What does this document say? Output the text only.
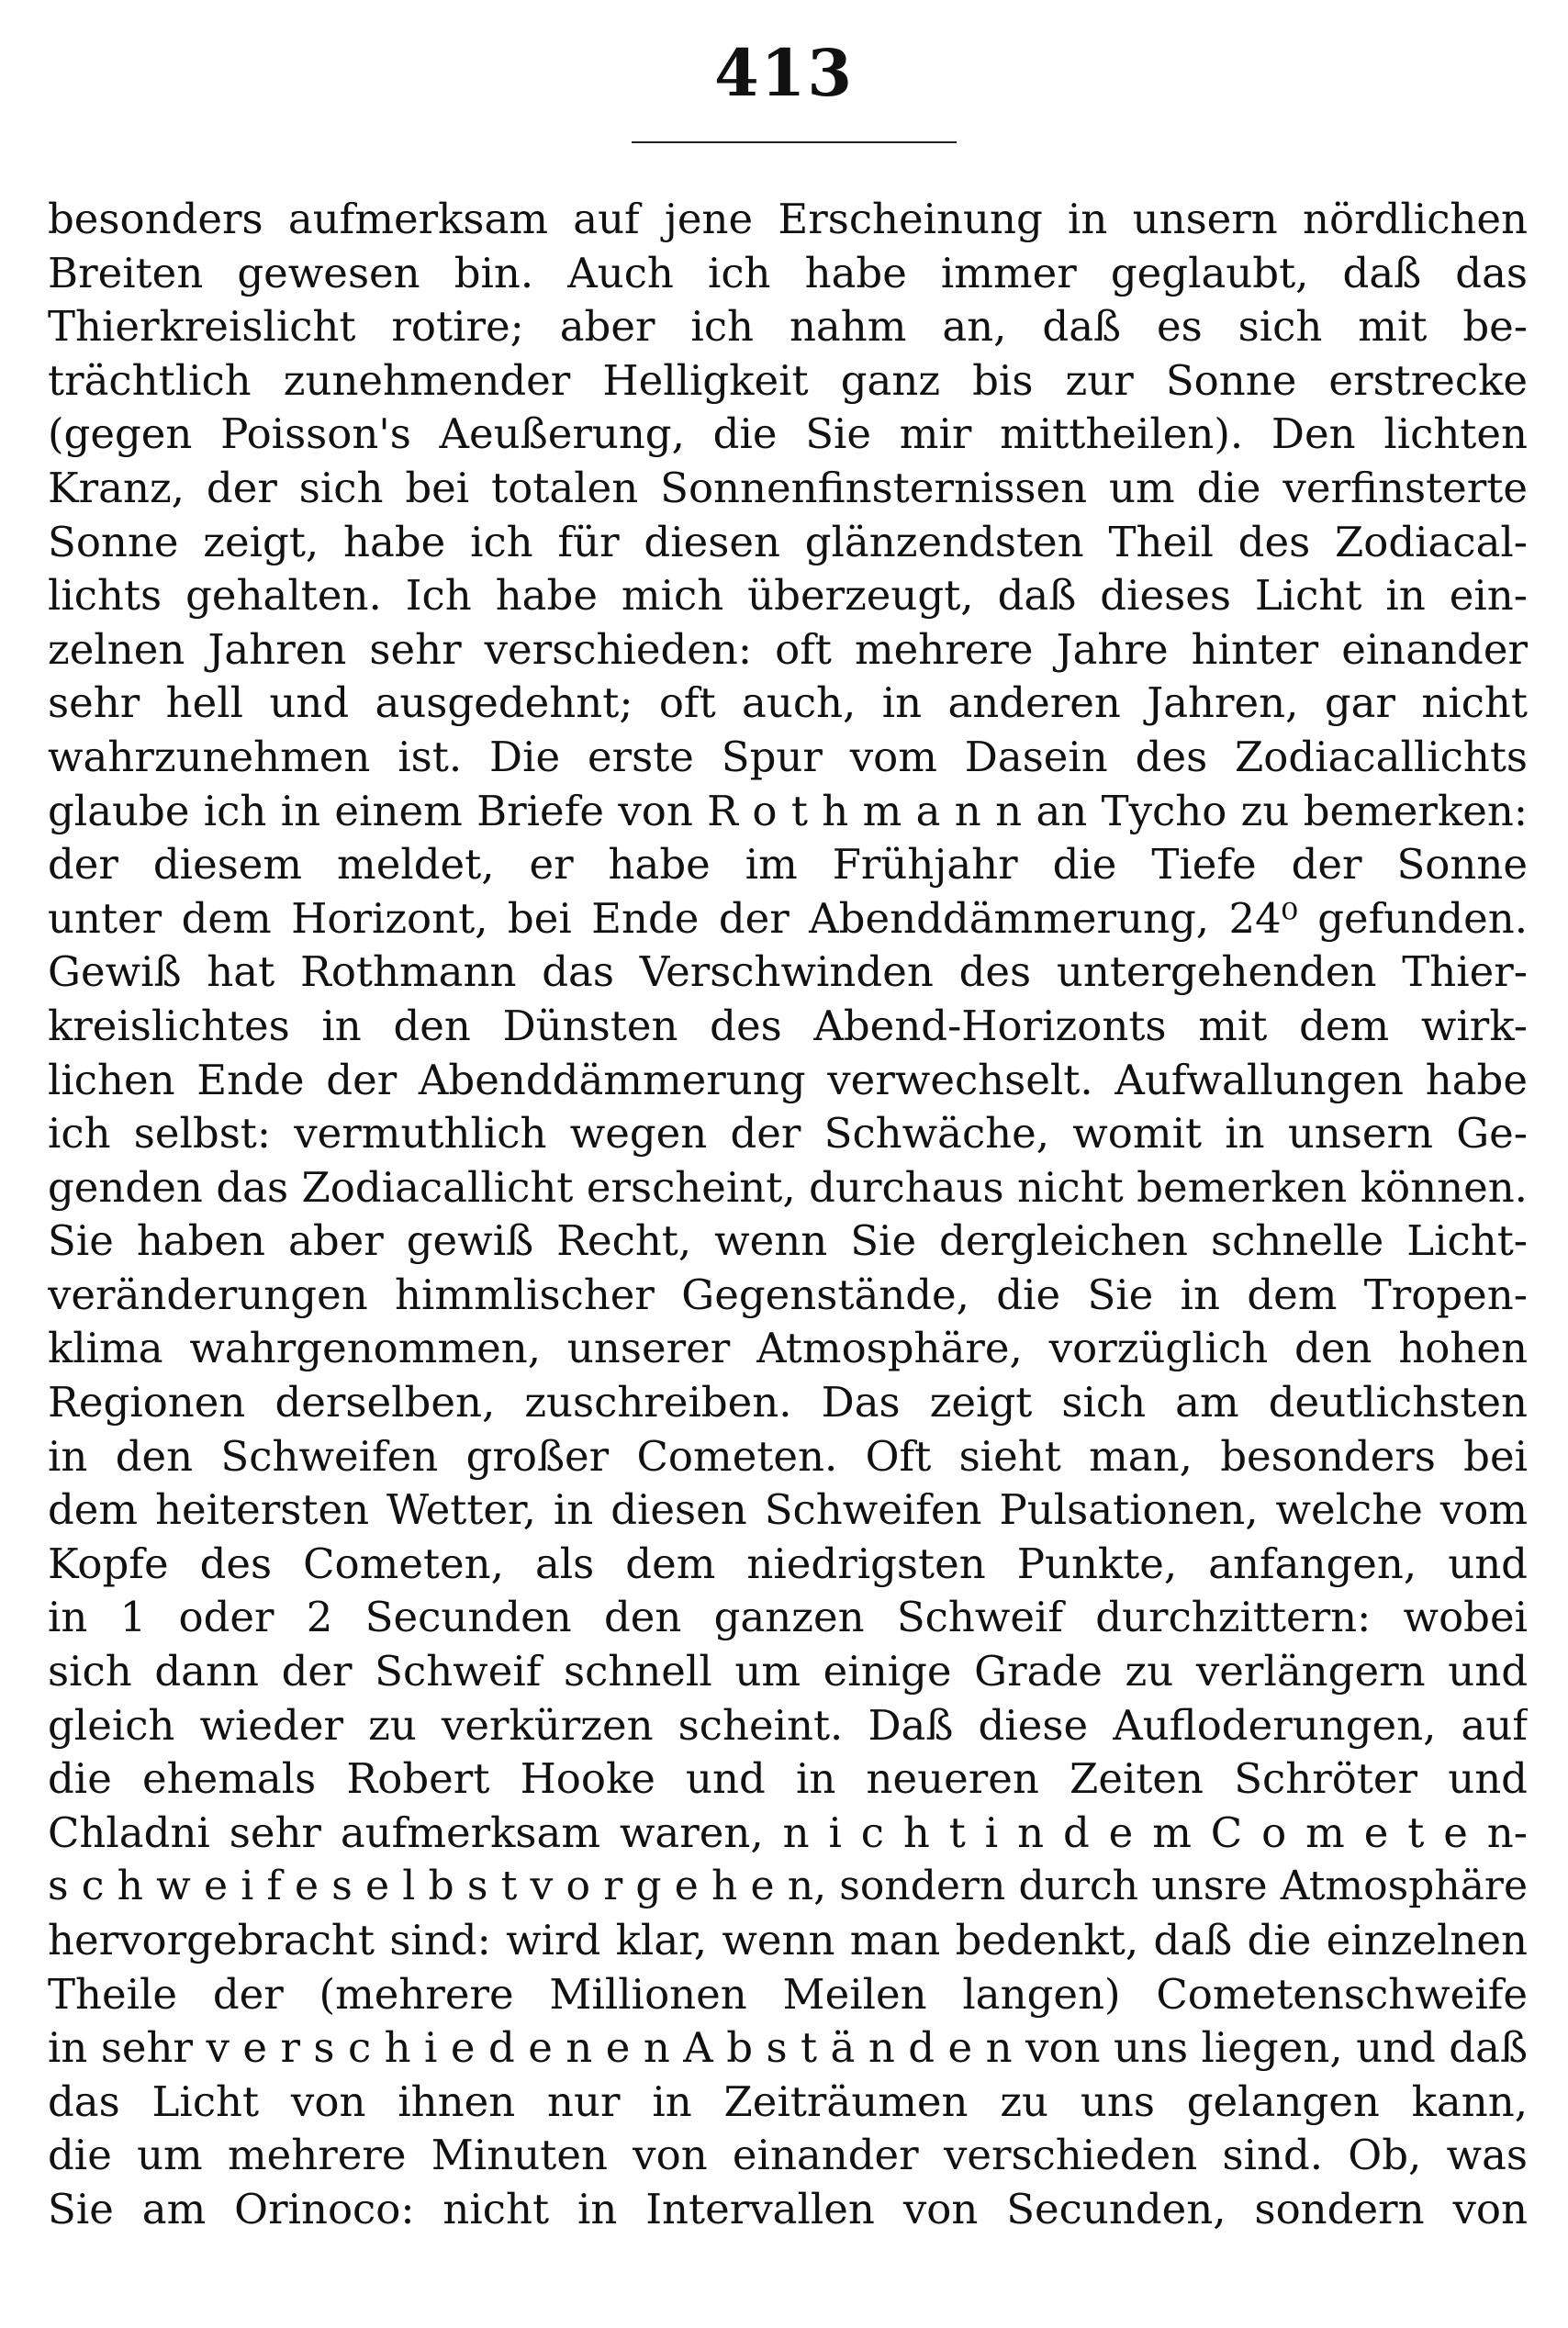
413
besonders aufmerksam auf jene Erscheinung in unsern nördlichen
Breiten gewesen bin. Auch ich habe immer geglaubt, daß das
Thierkreislicht rotire; aber ich nahm an, daß es sich mit be-
trächtlich zunehmender Helligkeit ganz bis zur Sonne erstrecke
(gegen Poisson's Aeußerung, die Sie mir mittheilen). Den lichten
Kranz, der sich bei totalen Sonnenfinsternissen um die verfinsterte
Sonne zeigt, habe ich für diesen glänzendsten Theil des Zodiacal-
lichts gehalten. Ich habe mich überzeugt, daß dieses Licht in ein-
zelnen Jahren sehr verschieden: oft mehrere Jahre hinter einander
sehr hell und ausgedehnt; oft auch, in anderen Jahren, gar nicht
wahrzunehmen ist. Die erste Spur vom Dasein des Zodiacallichts
glaube ich in einem Briefe von R o t h m a n n an Tycho zu bemerken:
der diesem meldet, er habe im Frühjahr die Tiefe der Sonne
unter dem Horizont, bei Ende der Abenddämmerung, 24⁰ gefunden.
Gewiß hat Rothmann das Verschwinden des untergehenden Thier-
kreislichtes in den Dünsten des Abend-Horizonts mit dem wirk-
lichen Ende der Abenddämmerung verwechselt. Aufwallungen habe
ich selbst: vermuthlich wegen der Schwäche, womit in unsern Ge-
genden das Zodiacallicht erscheint, durchaus nicht bemerken können.
Sie haben aber gewiß Recht, wenn Sie dergleichen schnelle Licht-
veränderungen himmlischer Gegenstände, die Sie in dem Tropen-
klima wahrgenommen, unserer Atmosphäre, vorzüglich den hohen
Regionen derselben, zuschreiben. Das zeigt sich am deutlichsten
in den Schweifen großer Cometen. Oft sieht man, besonders bei
dem heitersten Wetter, in diesen Schweifen Pulsationen, welche vom
Kopfe des Cometen, als dem niedrigsten Punkte, anfangen, und
in 1 oder 2 Secunden den ganzen Schweif durchzittern: wobei
sich dann der Schweif schnell um einige Grade zu verlängern und
gleich wieder zu verkürzen scheint. Daß diese Aufloderungen, auf
die ehemals Robert Hooke und in neueren Zeiten Schröter und
Chladni sehr aufmerksam waren, n i c h t i n d e m C o m e t e n-
s c h w e i f e s e l b s t v o r g e h e n, sondern durch unsre Atmosphäre
hervorgebracht sind: wird klar, wenn man bedenkt, daß die einzelnen
Theile der (mehrere Millionen Meilen langen) Cometenschweife
in sehr v e r s c h i e d e n e n A b s t ä n d e n von uns liegen, und daß
das Licht von ihnen nur in Zeiträumen zu uns gelangen kann,
die um mehrere Minuten von einander verschieden sind. Ob, was
Sie am Orinoco: nicht in Intervallen von Secunden, sondern von
